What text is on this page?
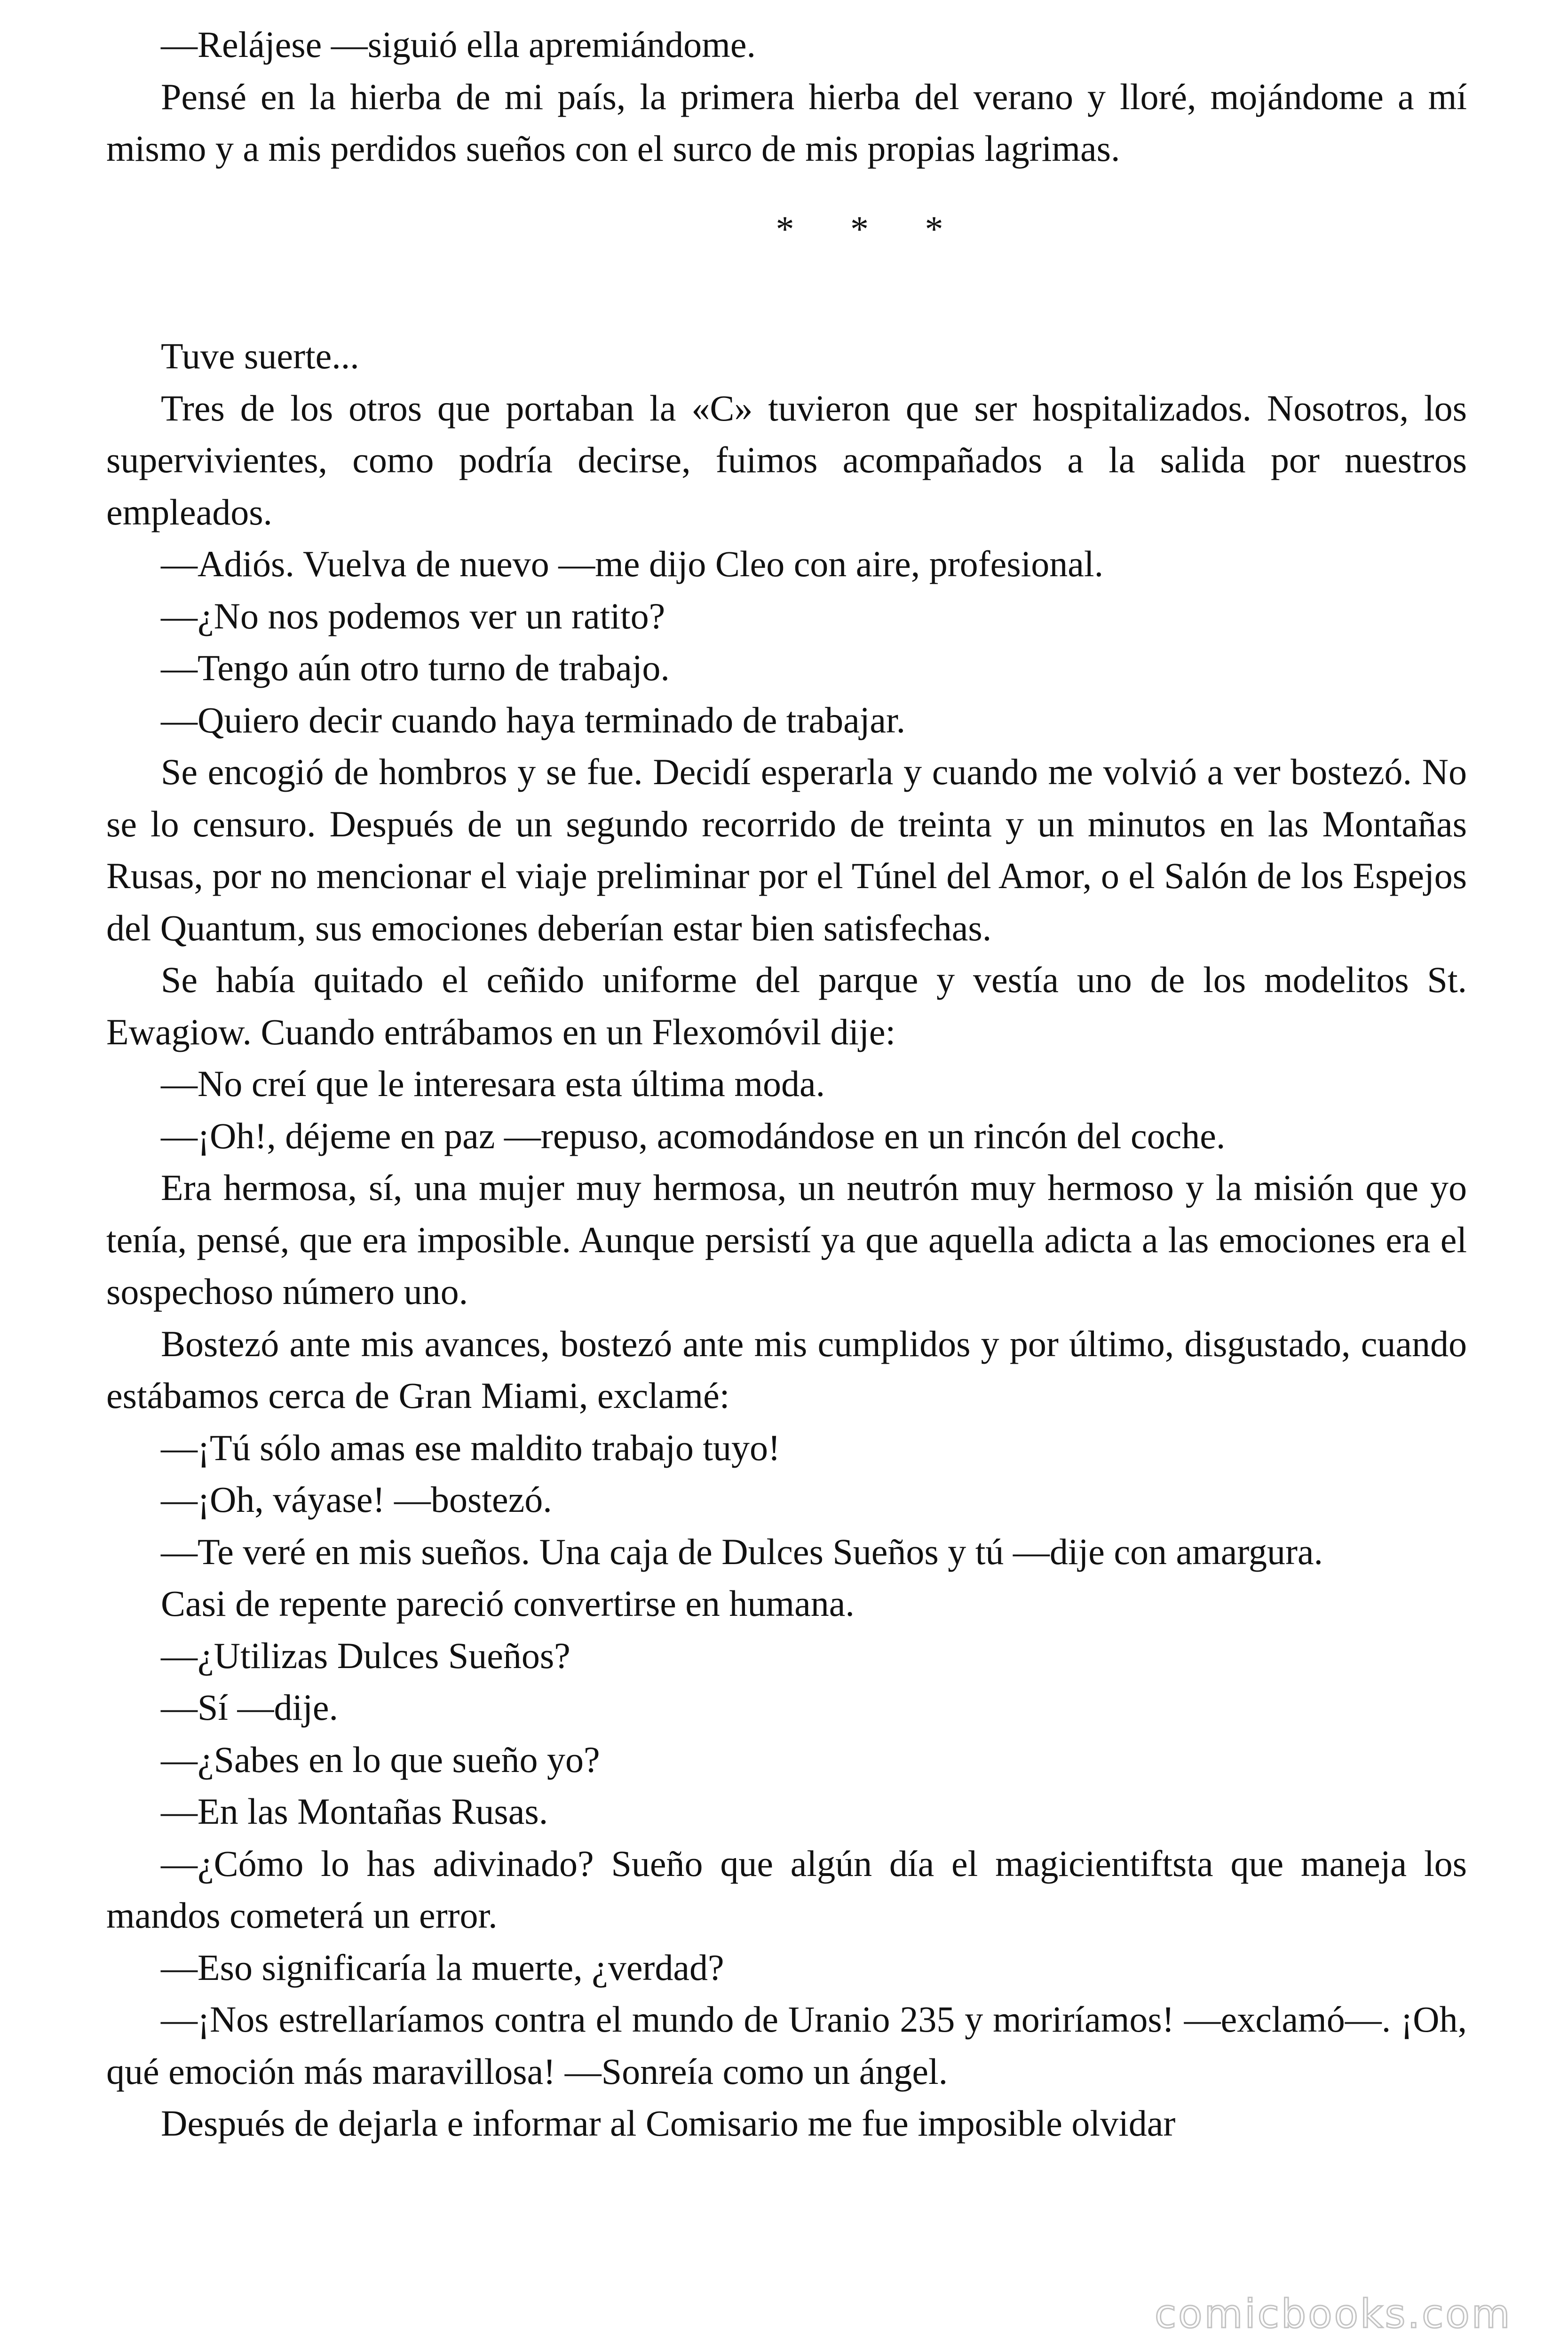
—Relájese —siguió ella apremiándome.

Pensé en la hierba de mi país, la primera hierba del verano y lloré, mojándome a mí mismo y a mis perdidos sueños con el surco de mis propias lagrimas.

* * *

Tuve suerte...

Tres de los otros que portaban la «C» tuvieron que ser hospitalizados. Nosotros, los supervivientes, como podría decirse, fuimos acompañados a la salida por nuestros empleados.

—Adiós. Vuelva de nuevo —me dijo Cleo con aire, profesional.

—¿No nos podemos ver un ratito?

—Tengo aún otro turno de trabajo.

—Quiero decir cuando haya terminado de trabajar.

Se encogió de hombros y se fue. Decidí esperarla y cuando me volvió a ver bostezó. No se lo censuro. Después de un segundo recorrido de treinta y un minutos en las Montañas Rusas, por no mencionar el viaje preliminar por el Túnel del Amor, o el Salón de los Espejos del Quantum, sus emociones deberían estar bien satisfechas.

Se había quitado el ceñido uniforme del parque y vestía uno de los modelitos St. Ewagiow. Cuando entrábamos en un Flexomóvil dije:

—No creí que le interesara esta última moda.

—¡Oh!, déjeme en paz —repuso, acomodándose en un rincón del coche.

Era hermosa, sí, una mujer muy hermosa, un neutrón muy hermoso y la misión que yo tenía, pensé, que era imposible. Aunque persistí ya que aquella adicta a las emociones era el sospechoso número uno.

Bostezó ante mis avances, bostezó ante mis cumplidos y por último, disgustado, cuando estábamos cerca de Gran Miami, exclamé:

—¡Tú sólo amas ese maldito trabajo tuyo!

—¡Oh, váyase! —bostezó.

—Te veré en mis sueños. Una caja de Dulces Sueños y tú —dije con amargura.

Casi de repente pareció convertirse en humana.

—¿Utilizas Dulces Sueños?

—Sí —dije.

—¿Sabes en lo que sueño yo?

—En las Montañas Rusas.

—¿Cómo lo has adivinado? Sueño que algún día el magicientiftsta que maneja los mandos cometerá un error.

—Eso significaría la muerte, ¿verdad?

—¡Nos estrellaríamos contra el mundo de Uranio 235 y moriríamos! —exclamó—. ¡Oh, qué emoción más maravillosa! —Sonreía como un ángel.

Después de dejarla e informar al Comisario me fue imposible olvidar

comicbooks.com
